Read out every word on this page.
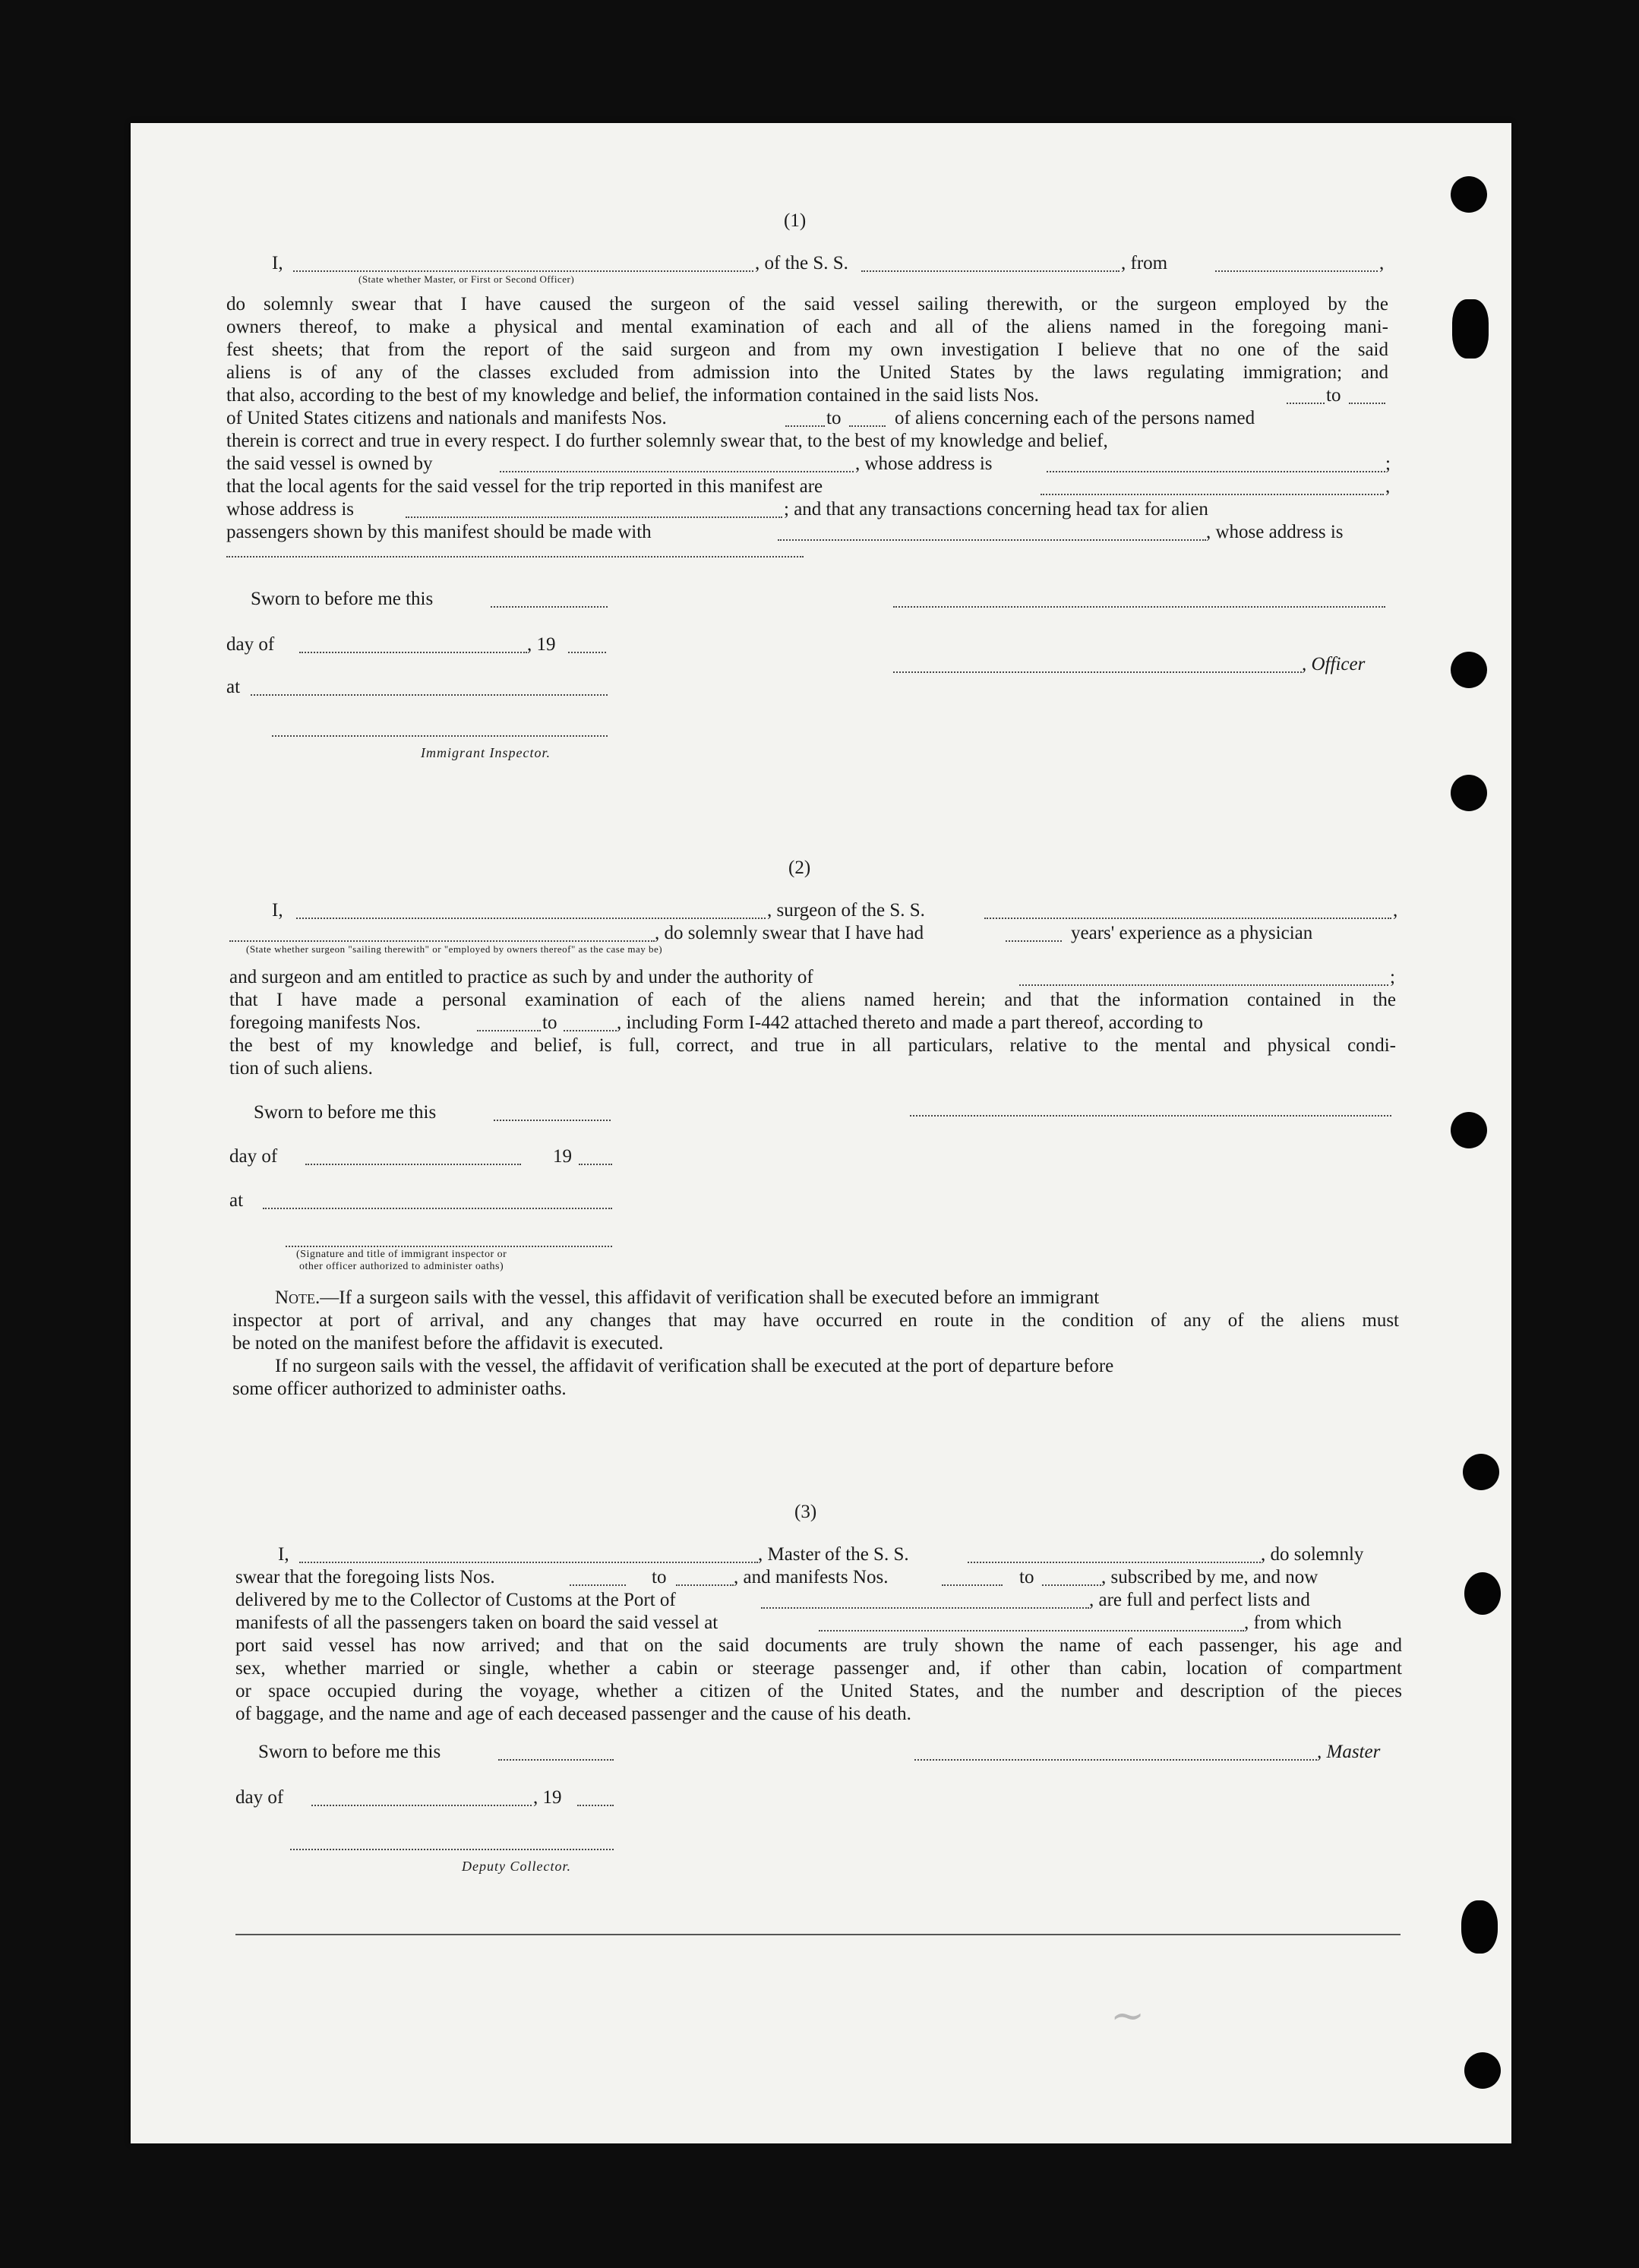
~
(1)
I,
(State whether Master, or First or Second Officer)
, of the S. S.	, from	,
do solemnly swear that I have caused the surgeon of the said vessel sailing therewith, or the surgeon employed by the
owners thereof, to make a physical and mental examination of each and all of the aliens named in the foregoing mani-
fest sheets; that from the report of the said surgeon and from my own investigation I believe that no one of the said
aliens is of any of the classes excluded from admission into the United States by the laws regulating immigration; and
that also, according to the best of my knowledge and belief, the information contained in the said lists Nos.	to
of United States citizens and nationals and manifests Nos.	to	of aliens concerning each of the persons named
therein is correct and true in every respect. I do further solemnly swear that, to the best of my knowledge and belief,
the said vessel is owned by	, whose address is	;
that the local agents for the said vessel for the trip reported in this manifest are	,
whose address is	; and that any transactions concerning head tax for alien
passengers shown by this manifest should be made with	, whose address is
Sworn to before me this
day of	, 19
, Officer
at
Immigrant Inspector.
(2)
I,	, surgeon of the S. S.	,
, do solemnly swear that I have had	years' experience as a physician
(State whether surgeon "sailing therewith" or "employed by owners thereof" as the case may be)
and surgeon and am entitled to practice as such by and under the authority of	;
that I have made a personal examination of each of the aliens named herein; and that the information contained in the
foregoing manifests Nos.	to	, including Form I-442 attached thereto and made a part thereof, according to
the best of my knowledge and belief, is full, correct, and true in all particulars, relative to the mental and physical condi-
tion of such aliens.
Sworn to before me this
day of	19
at
(Signature and title of immigrant inspector or
other officer authorized to administer oaths)
Note.—If a surgeon sails with the vessel, this affidavit of verification shall be executed before an immigrant
inspector at port of arrival, and any changes that may have occurred en route in the condition of any of the aliens must
be noted on the manifest before the affidavit is executed.
If no surgeon sails with the vessel, the affidavit of verification shall be executed at the port of departure before
some officer authorized to administer oaths.
(3)
I,	, Master of the S. S.	, do solemnly
swear that the foregoing lists Nos.	to	, and manifests Nos.	to	, subscribed by me, and now
delivered by me to the Collector of Customs at the Port of	, are full and perfect lists and
manifests of all the passengers taken on board the said vessel at	, from which
port said vessel has now arrived; and that on the said documents are truly shown the name of each passenger, his age and
sex, whether married or single, whether a cabin or steerage passenger and, if other than cabin, location of compartment
or space occupied during the voyage, whether a citizen of the United States, and the number and description of the pieces
of baggage, and the name and age of each deceased passenger and the cause of his death.
Sworn to before me this	, Master
day of	, 19
Deputy Collector.
